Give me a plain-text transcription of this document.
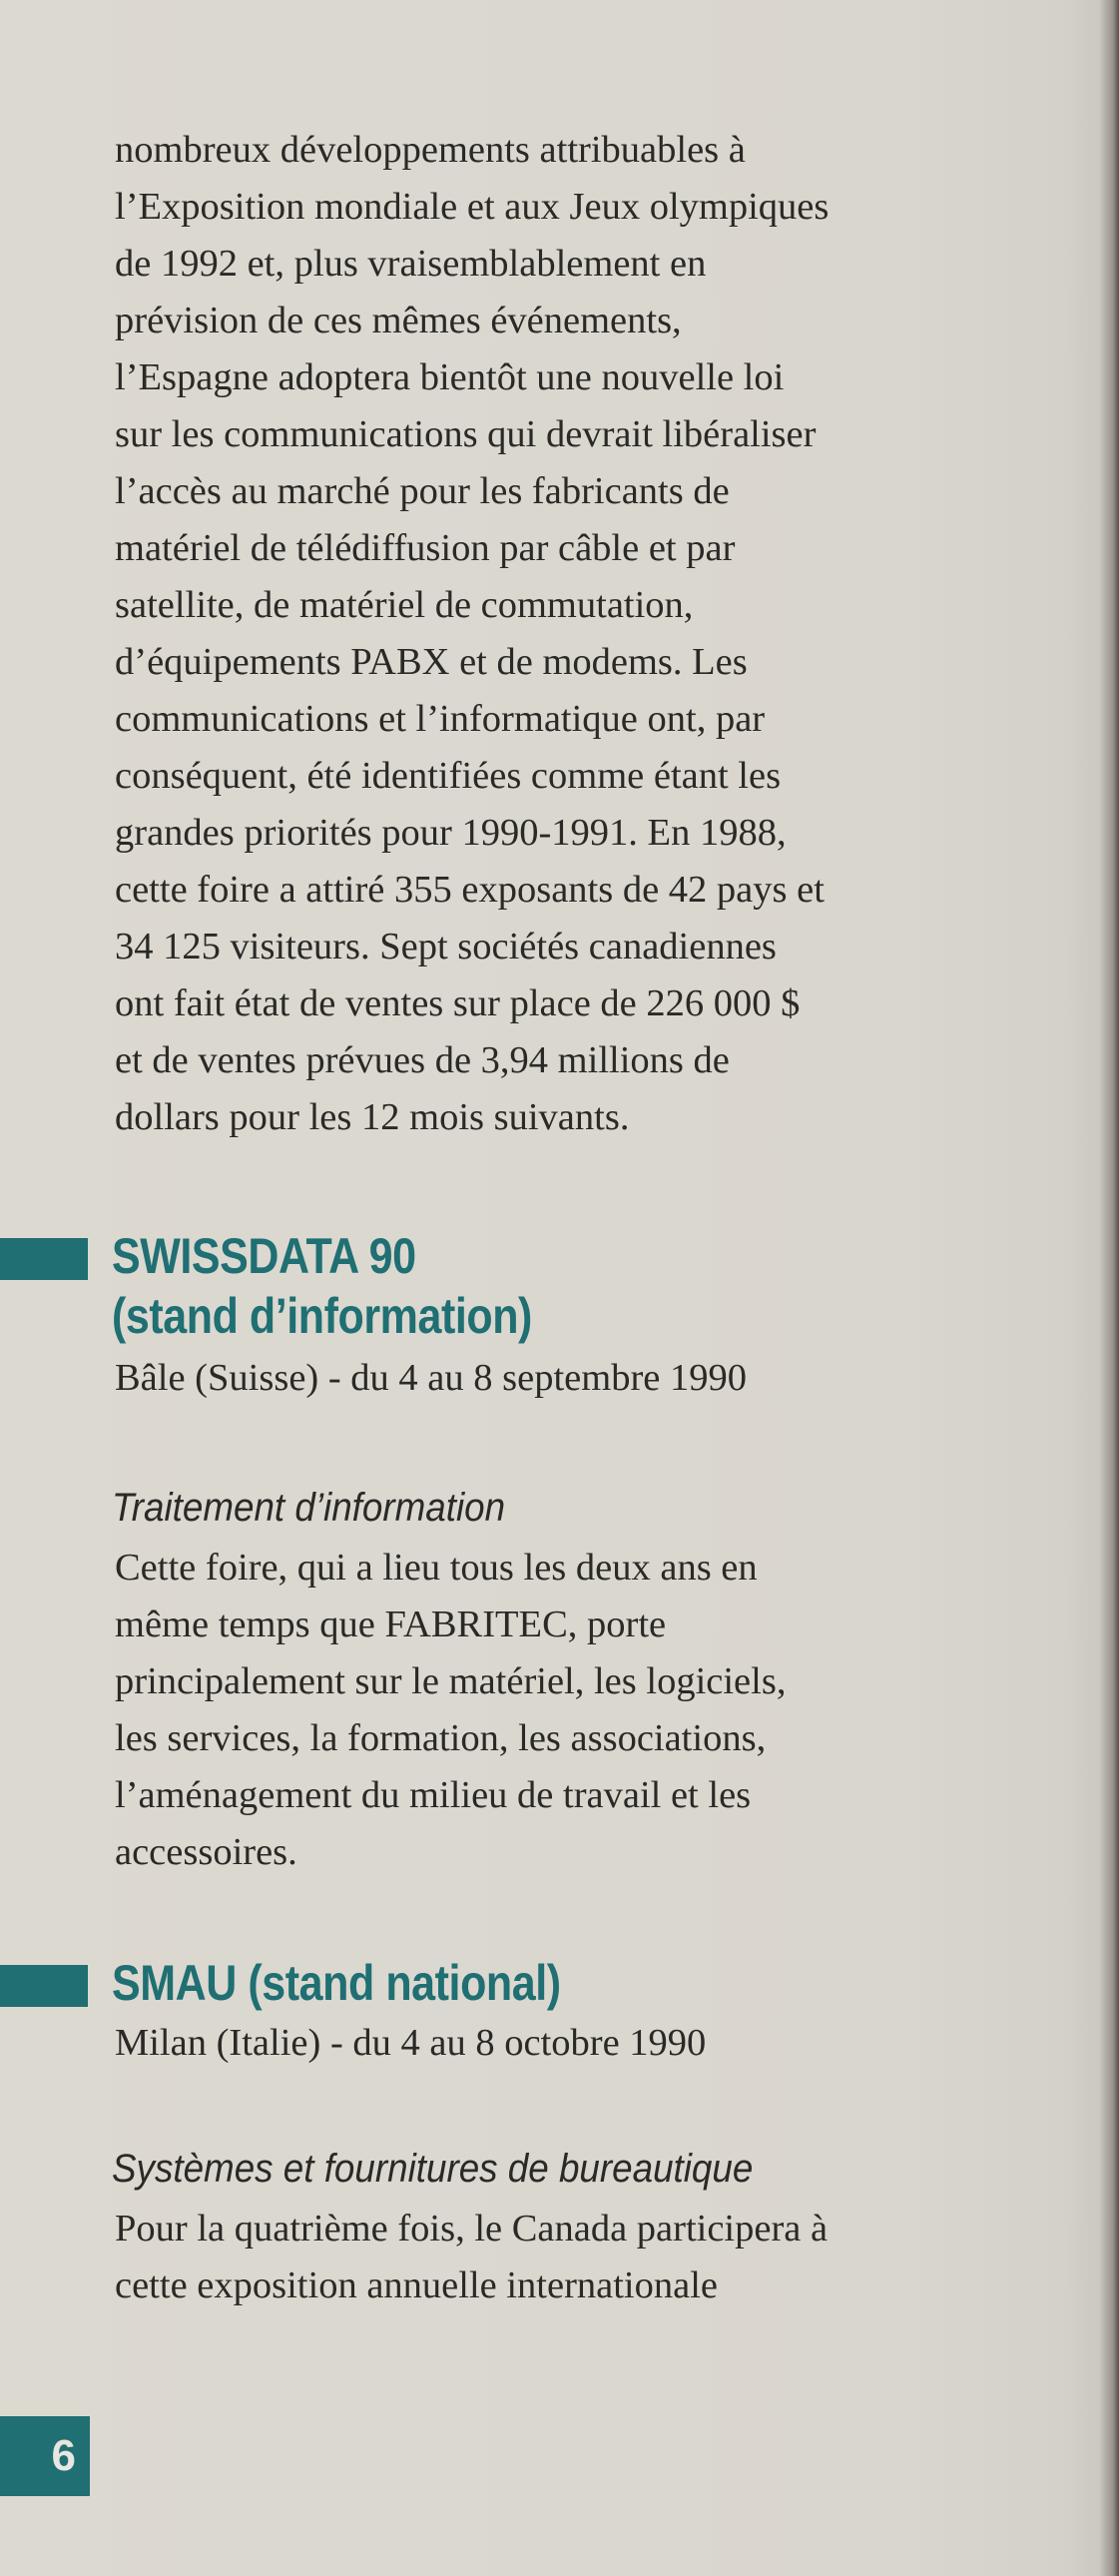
nombreux développements attribuables à
l’Exposition mondiale et aux Jeux olympiques
de 1992 et, plus vraisemblablement en
prévision de ces mêmes événements,
l’Espagne adoptera bientôt une nouvelle loi
sur les communications qui devrait libéraliser
l’accès au marché pour les fabricants de
matériel de télédiffusion par câble et par
satellite, de matériel de commutation,
d’équipements PABX et de modems. Les
communications et l’informatique ont, par
conséquent, été identifiées comme étant les
grandes priorités pour 1990-1991. En 1988,
cette foire a attiré 355 exposants de 42 pays et
34 125 visiteurs. Sept sociétés canadiennes
ont fait état de ventes sur place de 226 000 $
et de ventes prévues de 3,94 millions de
dollars pour les 12 mois suivants.
SWISSDATA 90
(stand d’information)
Bâle (Suisse) - du 4 au 8 septembre 1990
Traitement d’information
Cette foire, qui a lieu tous les deux ans en
même temps que FABRITEC, porte
principalement sur le matériel, les logiciels,
les services, la formation, les associations,
l’aménagement du milieu de travail et les
accessoires.
SMAU (stand national)
Milan (Italie) - du 4 au 8 octobre 1990
Systèmes et fournitures de bureautique
Pour la quatrième fois, le Canada participera à
cette exposition annuelle internationale
6
